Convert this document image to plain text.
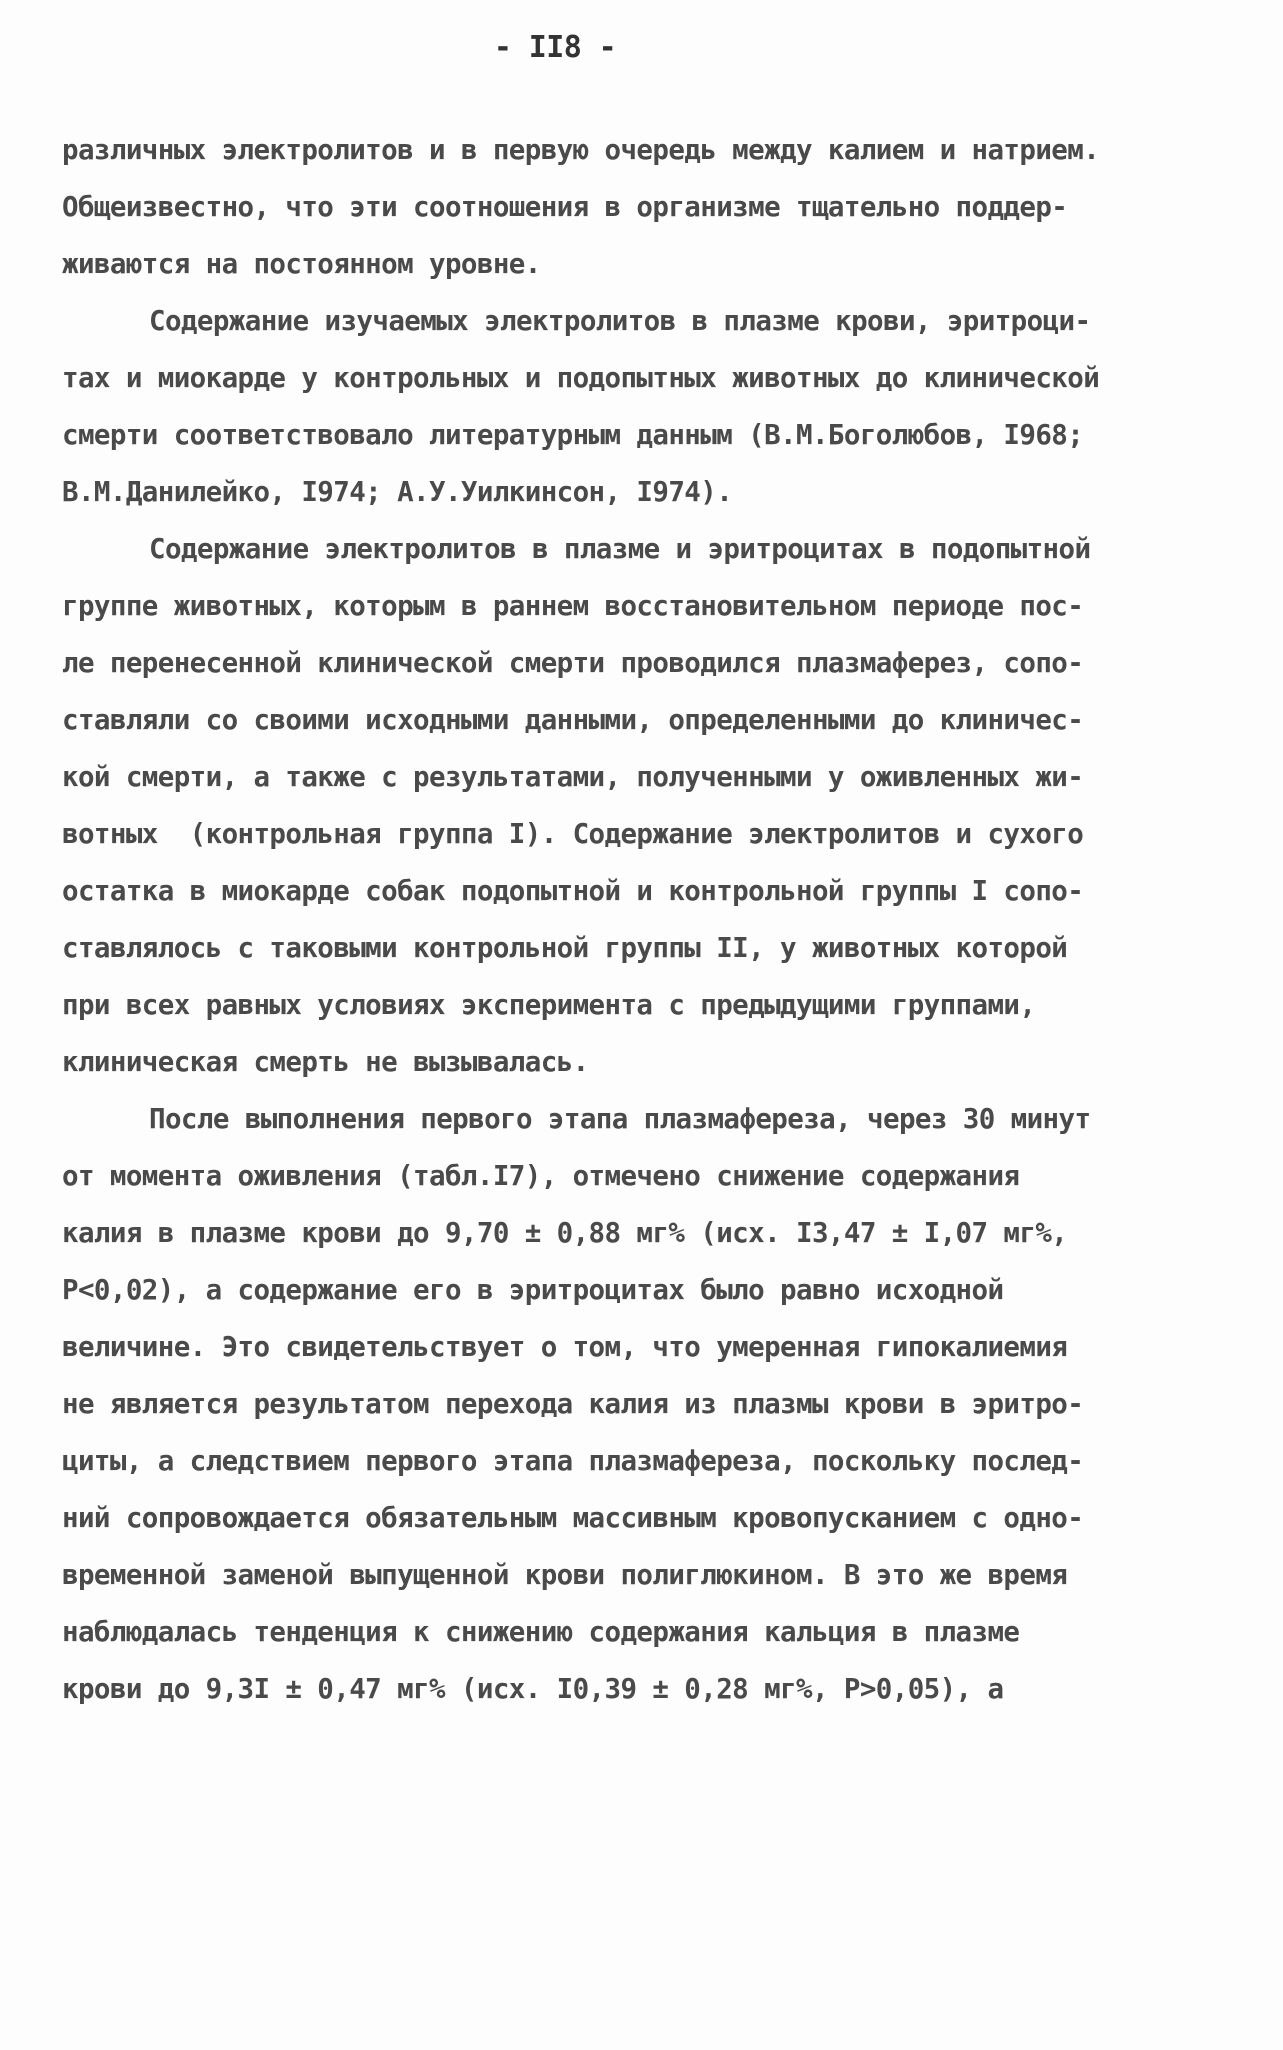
- II8 -

различных электролитов и в первую очередь между калием и натрием.

Общеизвестно, что эти соотношения в организме тщательно поддер-

живаются на постоянном уровне.

Содержание изучаемых электролитов в плазме крови, эритроци-

тах и миокарде у контрольных и подопытных животных до клинической

смерти соответствовало литературным данным (В.М.Боголюбов, I968;

В.М.Данилейко, I974; А.У.Уилкинсон, I974).

Содержание электролитов в плазме и эритроцитах в подопытной

группе животных, которым в раннем восстановительном периоде пос-

ле перенесенной клинической смерти проводился плазмаферез, сопо-

ставляли со своими исходными данными, определенными до клиничес-

кой смерти, а также с результатами, полученными у оживленных жи-

вотных  (контрольная группа I). Содержание электролитов и сухого

остатка в миокарде собак подопытной и контрольной группы I сопо-

ставлялось с таковыми контрольной группы II, у животных которой

при всех равных условиях эксперимента с предыдущими группами,

клиническая смерть не вызывалась.

После выполнения первого этапа плазмафереза, через 30 минут

от момента оживления (табл.I7), отмечено снижение содержания

калия в плазме крови до 9,70 ± 0,88 мг% (исх. I3,47 ± I,07 мг%,

P<0,02), а содержание его в эритроцитах было равно исходной

величине. Это свидетельствует о том, что умеренная гипокалиемия

не является результатом перехода калия из плазмы крови в эритро-

циты, а следствием первого этапа плазмафереза, поскольку послед-

ний сопровождается обязательным массивным кровопусканием с одно-

временной заменой выпущенной крови полиглюкином. В это же время

наблюдалась тенденция к снижению содержания кальция в плазме

крови до 9,3I ± 0,47 мг% (исх. I0,39 ± 0,28 мг%, P>0,05), а
